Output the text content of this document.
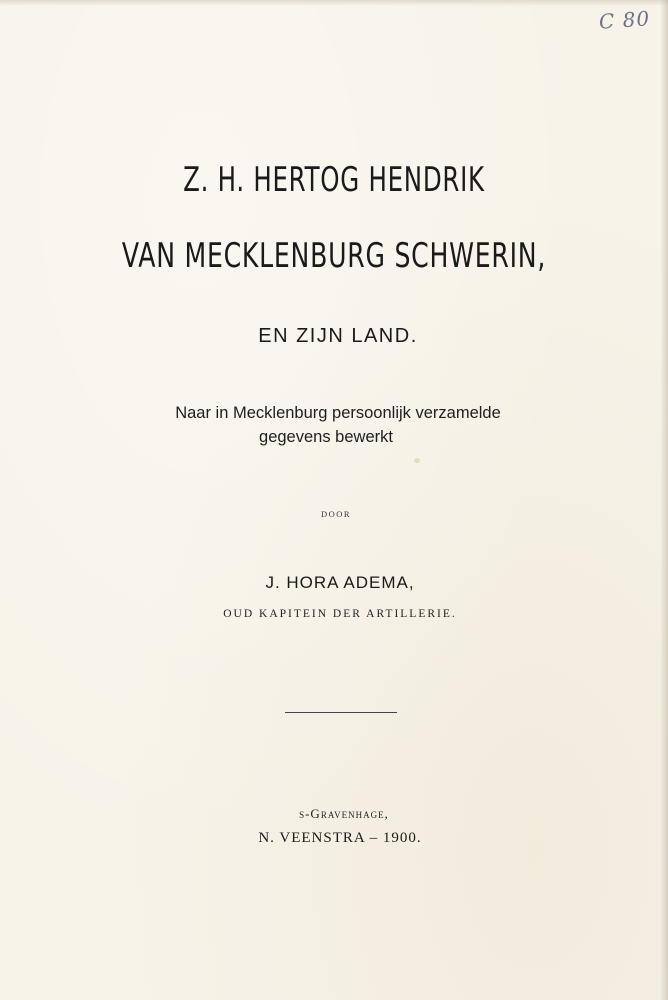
C 80
Z. H. HERTOG HENDRIK
VAN MECKLENBURG SCHWERIN,
EN ZIJN LAND.
Naar in Mecklenburg persoonlijk verzamelde
gegevens bewerkt
DOOR
J. HORA ADEMA,
OUD KAPITEIN DER ARTILLERIE.
s-Gravenhage,
N. VEENSTRA – 1900.
